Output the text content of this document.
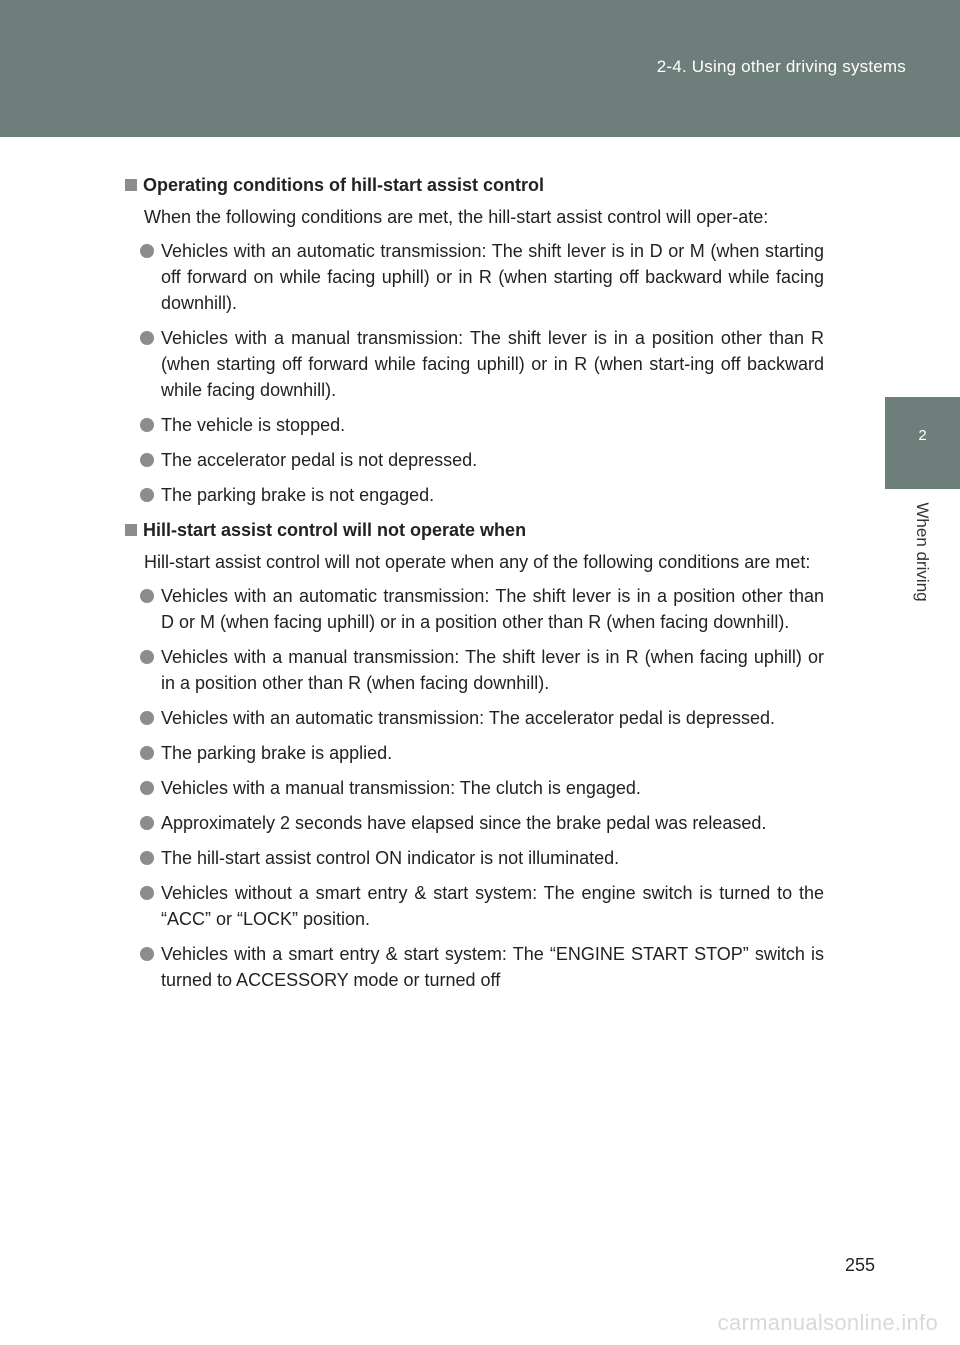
2-4. Using other driving systems
2
When driving
Operating conditions of hill-start assist control

When the following conditions are met, the hill-start assist control will oper-ate:

Vehicles with an automatic transmission: The shift lever is in D or M (when starting off forward on while facing uphill) or in R (when starting off backward while facing downhill).
Vehicles with a manual transmission: The shift lever is in a position other than R (when starting off forward while facing uphill) or in R (when start-ing off backward while facing downhill).
The vehicle is stopped.
The accelerator pedal is not depressed.
The parking brake is not engaged.
Hill-start assist control will not operate when

Hill-start assist control will not operate when any of the following conditions are met:

Vehicles with an automatic transmission: The shift lever is in a position other than D or M (when facing uphill) or in a position other than R (when facing downhill).
Vehicles with a manual transmission: The shift lever is in R (when facing uphill) or in a position other than R (when facing downhill).
Vehicles with an automatic transmission: The accelerator pedal is depressed.
The parking brake is applied.
Vehicles with a manual transmission: The clutch is engaged.
Approximately 2 seconds have elapsed since the brake pedal was released.
The hill-start assist control ON indicator is not illuminated.
Vehicles without a smart entry & start system: The engine switch is turned to the “ACC” or “LOCK” position.
Vehicles with a smart entry & start system: The “ENGINE START STOP” switch is turned to ACCESSORY mode or turned off
255
carmanualsonline.info
